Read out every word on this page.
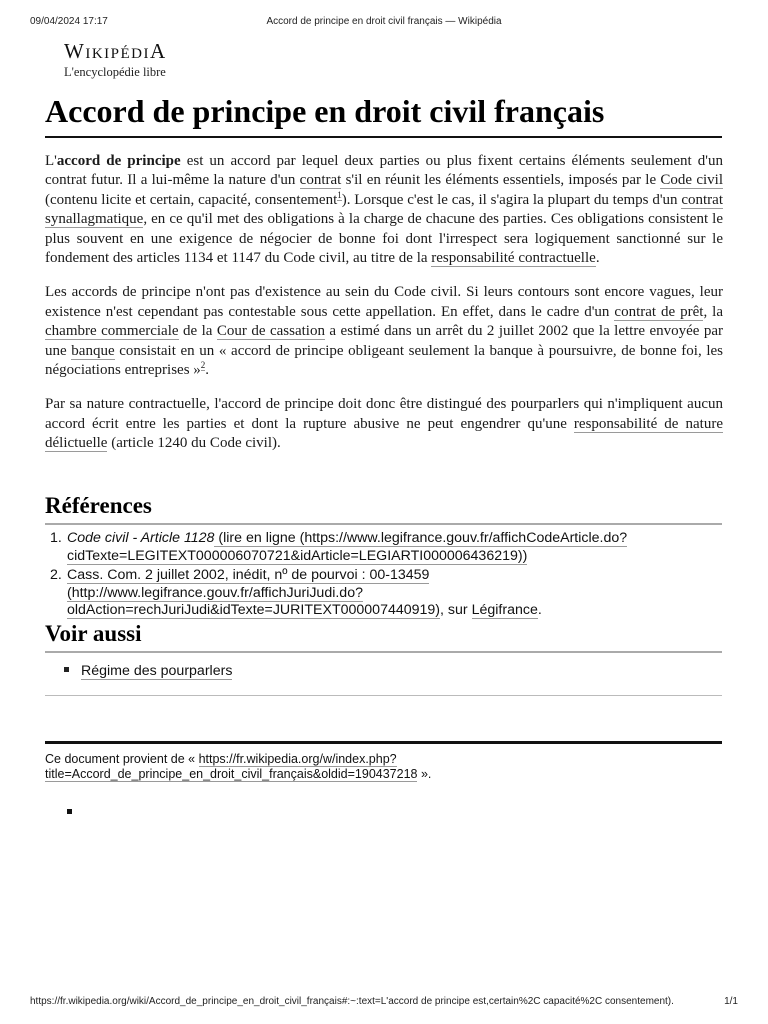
09/04/2024 17:17	Accord de principe en droit civil français — Wikipédia
WIKIPÉDIA
L'encyclopédie libre
Accord de principe en droit civil français

L'accord de principe est un accord par lequel deux parties ou plus fixent certains éléments seulement d'un contrat futur. Il a lui-même la nature d'un contrat s'il en réunit les éléments essentiels, imposés par le Code civil (contenu licite et certain, capacité, consentement$^1$). Lorsque c'est le cas, il s'agira la plupart du temps d'un contrat synallagmatique, en ce qu'il met des obligations à la charge de chacune des parties. Ces obligations consistent le plus souvent en une exigence de négocier de bonne foi dont l'irrespect sera logiquement sanctionné sur le fondement des articles 1134 et 1147 du Code civil, au titre de la responsabilité contractuelle.

Les accords de principe n'ont pas d'existence au sein du Code civil. Si leurs contours sont encore vagues, leur existence n'est cependant pas contestable sous cette appellation. En effet, dans le cadre d'un contrat de prêt, la chambre commerciale de la Cour de cassation a estimé dans un arrêt du 2 juillet 2002 que la lettre envoyée par une banque consistait en un « accord de principe obligeant seulement la banque à poursuivre, de bonne foi, les négociations entreprises »$^2$.

Par sa nature contractuelle, l'accord de principe doit donc être distingué des pourparlers qui n'impliquent aucun accord écrit entre les parties et dont la rupture abusive ne peut engendrer qu'une responsabilité de nature délictuelle (article 1240 du Code civil).

Références
1. Code civil - Article 1128 (lire en ligne (https://www.legifrance.gouv.fr/affichCodeArticle.do?cidTexte=LEGITEXT000006070721&idArticle=LEGIARTI000006436219))
2. Cass. Com. 2 juillet 2002, inédit, nº de pourvoi : 00-13459 (http://www.legifrance.gouv.fr/affichJuriJudi.do?oldAction=rechJuriJudi&idTexte=JURITEXT000007440919), sur Légifrance.
Voir aussi
Régime des pourparlers
Ce document provient de « https://fr.wikipedia.org/w/index.php?title=Accord_de_principe_en_droit_civil_français&oldid=190437218 ».
https://fr.wikipedia.org/wiki/Accord_de_principe_en_droit_civil_français#:~:text=L'accord de principe est,certain%2C capacité%2C consentement).	1/1
